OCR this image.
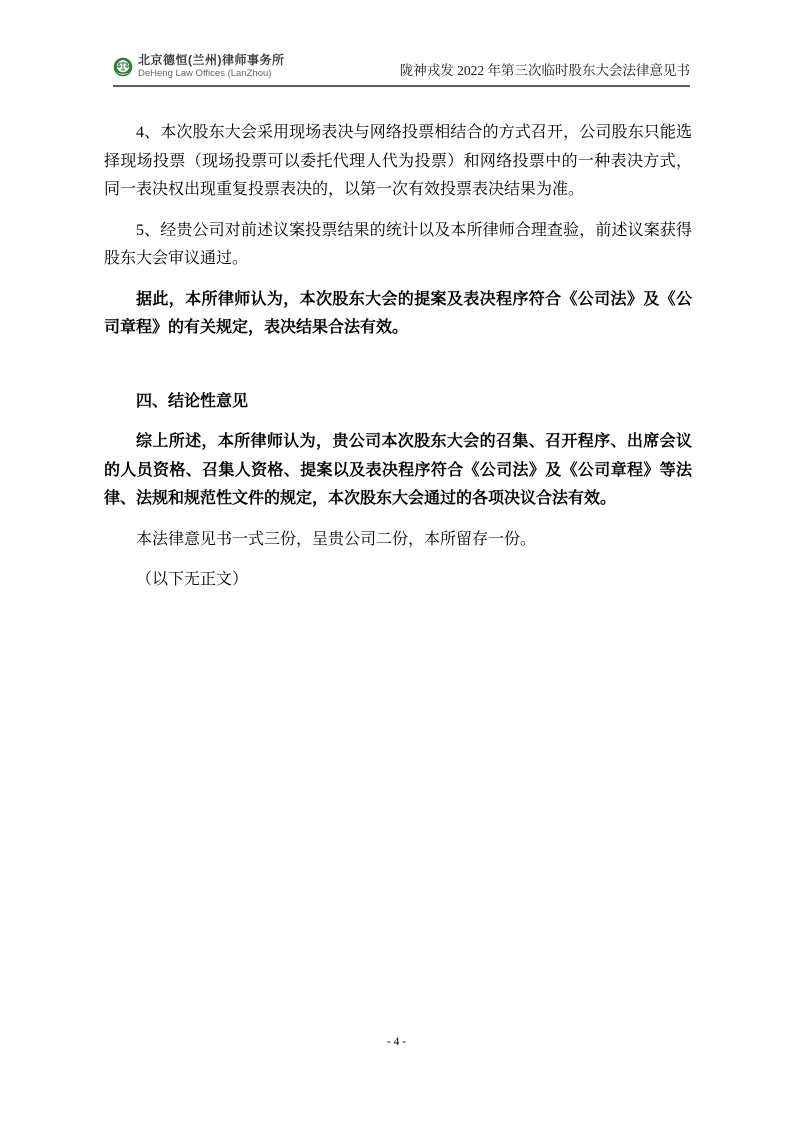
北京德恒(兰州)律师事务所
DeHeng Law Offices (LanZhou)	陇神戎发 2022 年第三次临时股东大会法律意见书

4、本次股东大会采用现场表决与网络投票相结合的方式召开，公司股东只能选择现场投票（现场投票可以委托代理人代为投票）和网络投票中的一种表决方式，同一表决权出现重复投票表决的，以第一次有效投票表决结果为准。

5、经贵公司对前述议案投票结果的统计以及本所律师合理查验，前述议案获得股东大会审议通过。

据此，本所律师认为，本次股东大会的提案及表决程序符合《公司法》及《公司章程》的有关规定，表决结果合法有效。

四、结论性意见

综上所述，本所律师认为，贵公司本次股东大会的召集、召开程序、出席会议的人员资格、召集人资格、提案以及表决程序符合《公司法》及《公司章程》等法律、法规和规范性文件的规定，本次股东大会通过的各项决议合法有效。

本法律意见书一式三份，呈贵公司二份，本所留存一份。

（以下无正文）

- 4 -
